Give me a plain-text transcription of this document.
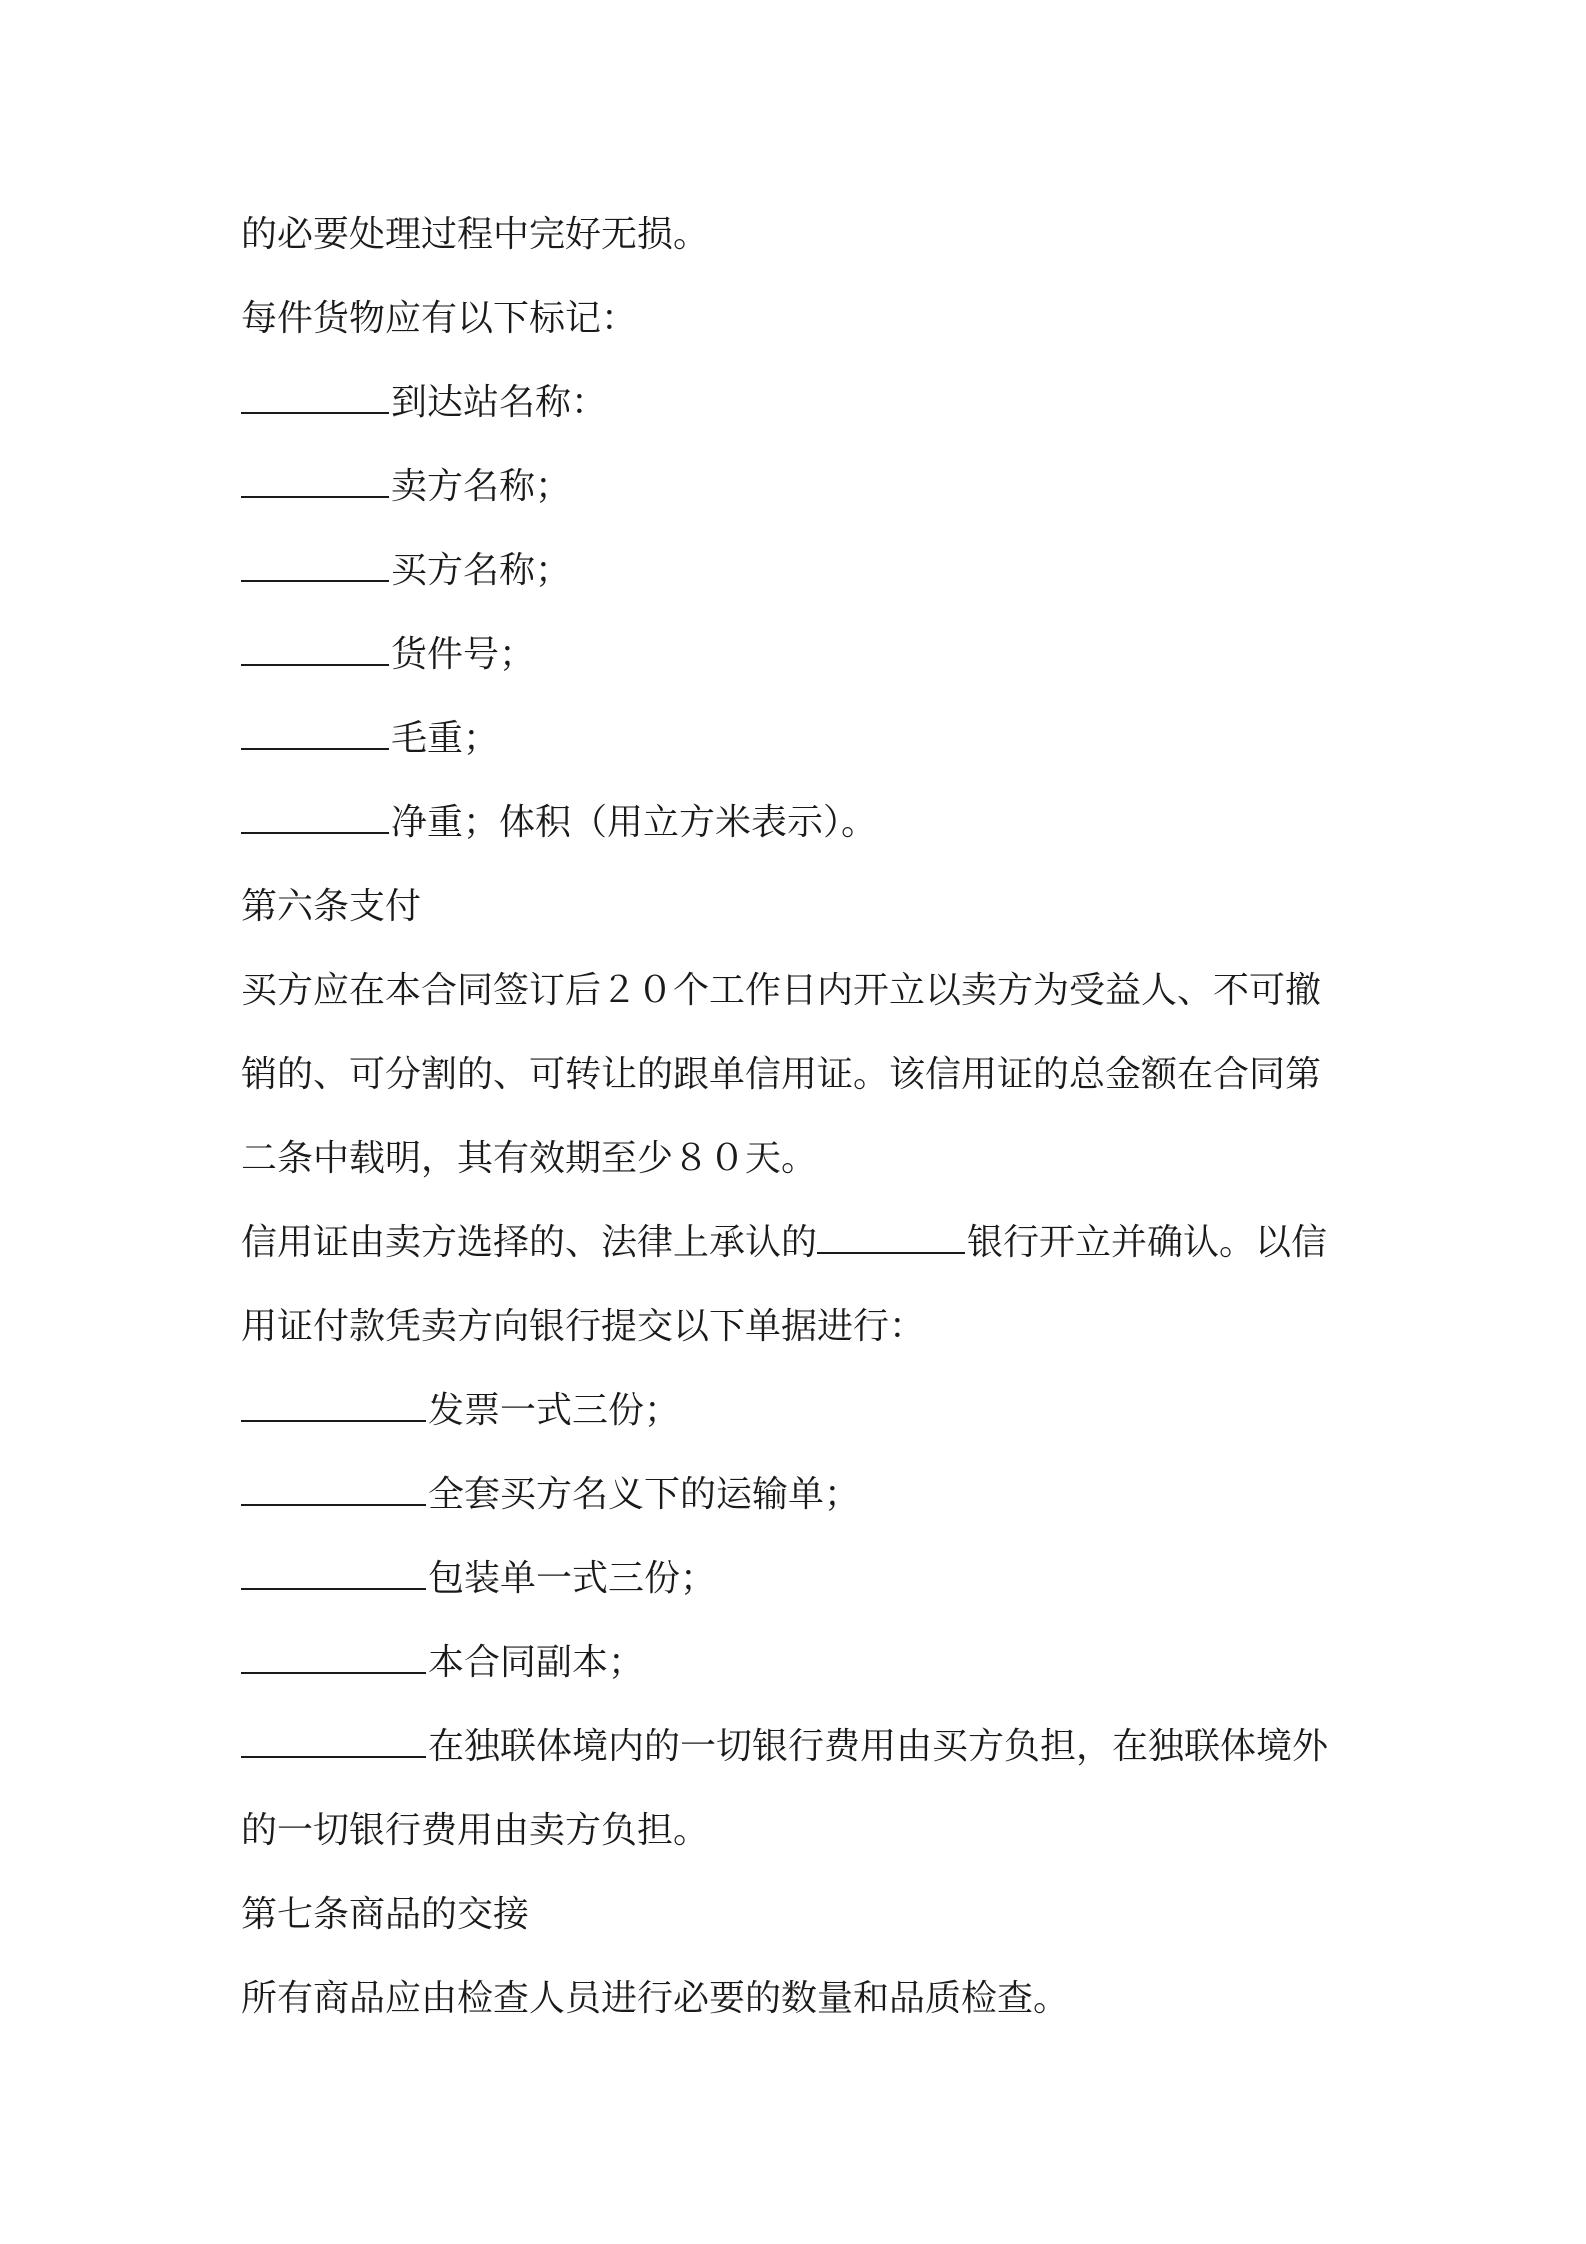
的必要处理过程中完好无损。
每件货物应有以下标记：
到达站名称：
卖方名称；
买方名称；
货件号；
毛重；
净重；体积（用立方米表示）。
第六条支付
买方应在本合同签订后２０个工作日内开立以卖方为受益人、不可撤
销的、可分割的、可转让的跟单信用证。该信用证的总金额在合同第
二条中载明，其有效期至少８０天。
信用证由卖方选择的、法律上承认的	银行开立并确认。以信
用证付款凭卖方向银行提交以下单据进行：
发票一式三份；
全套买方名义下的运输单；
包装单一式三份；
本合同副本；
在独联体境内的一切银行费用由买方负担，在独联体境外
的一切银行费用由卖方负担。
第七条商品的交接
所有商品应由检查人员进行必要的数量和品质检查。
